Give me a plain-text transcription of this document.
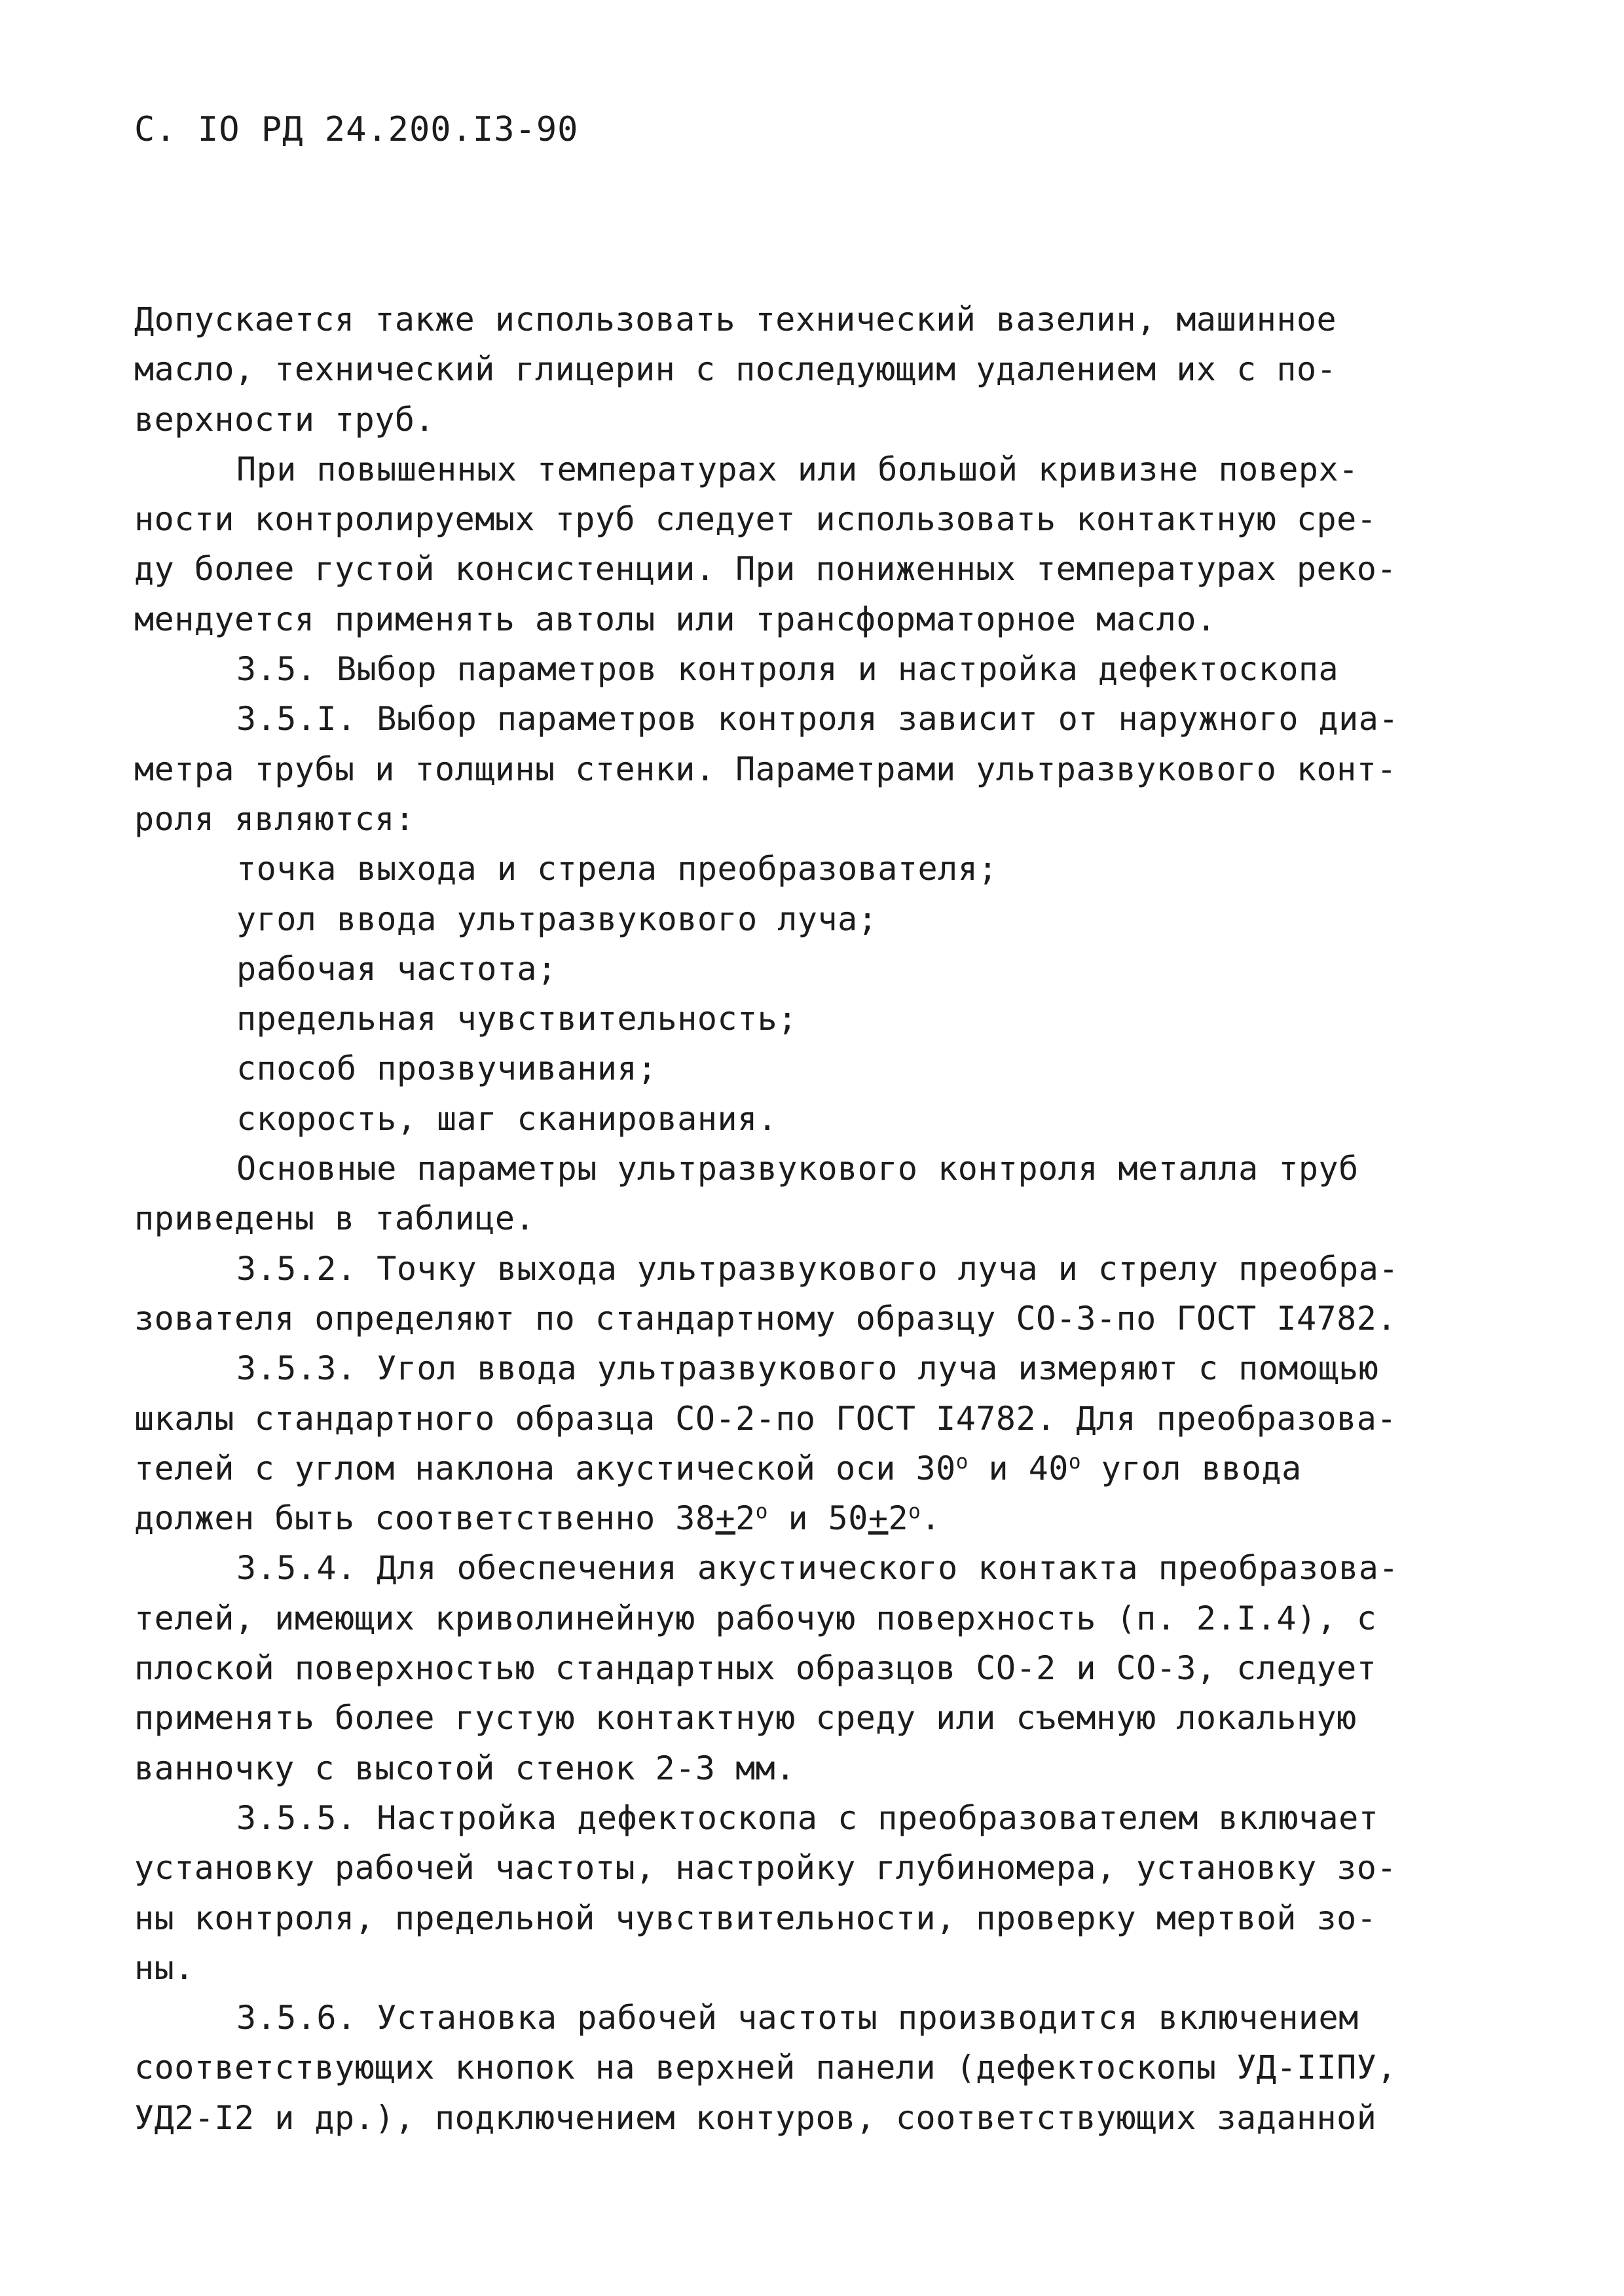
С. IO РД 24.200.IЗ-90
Допускается также использовать технический вазелин, машинное
масло, технический глицерин с последующим удалением их с по-
верхности труб.
При повышенных температурах или большой кривизне поверх-
ности контролируемых труб следует использовать контактную сре-
ду более густой консистенции. При пониженных температурах реко-
мендуется применять автолы или трансформаторное масло.
3.5. Выбор параметров контроля и настройка дефектоскопа
3.5.I. Выбор параметров контроля зависит от наружного диа-
метра трубы и толщины стенки. Параметрами ультразвукового конт-
роля являются:
точка выхода и стрела преобразователя;
угол ввода ультразвукового луча;
рабочая частота;
предельная чувствительность;
способ прозвучивания;
скорость, шаг сканирования.
Основные параметры ультразвукового контроля металла труб
приведены в таблице.
3.5.2. Точку выхода ультразвукового луча и стрелу преобра-
зователя определяют по стандартному образцу СО-3-по ГОСТ I4782.
3.5.3. Угол ввода ультразвукового луча измеряют с помощью
шкалы стандартного образца СО-2-по ГОСТ I4782. Для преобразова-
телей с углом наклона акустической оси $30^о$ и $40^о$ угол ввода
должен быть соответственно $38+2^о$ и $50+2^о$.
3.5.4. Для обеспечения акустического контакта преобразова-
телей, имеющих криволинейную рабочую поверхность (п. 2.I.4), с
плоской поверхностью стандартных образцов СО-2 и СО-3, следует
применять более густую контактную среду или съемную локальную
ванночку с высотой стенок 2-3 мм.
3.5.5. Настройка дефектоскопа с преобразователем включает
установку рабочей частоты, настройку глубиномера, установку зо-
ны контроля, предельной чувствительности, проверку мертвой зо-
ны.
3.5.6. Установка рабочей частоты производится включением
соответствующих кнопок на верхней панели (дефектоскопы УД-IIПУ,
УД2-I2 и др.), подключением контуров, соответствующих заданной
